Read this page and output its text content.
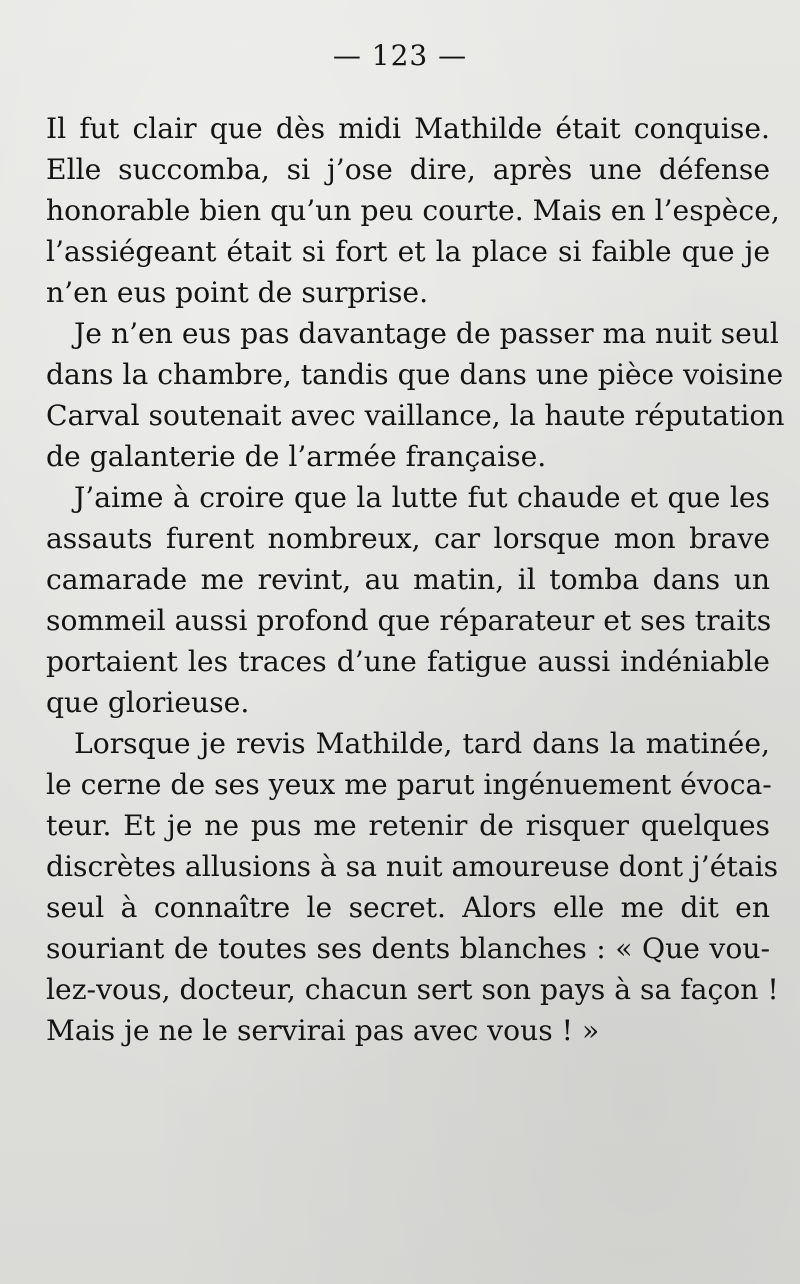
— 123 —
Il fut clair que dès midi Mathilde était conquise.
Elle succomba, si j’ose dire, après une défense
honorable bien qu’un peu courte. Mais en l’espèce,
l’assiégeant était si fort et la place si faible que je
n’en eus point de surprise.
Je n’en eus pas davantage de passer ma nuit seul
dans la chambre, tandis que dans une pièce voisine
Carval soutenait avec vaillance, la haute réputation
de galanterie de l’armée française.
J’aime à croire que la lutte fut chaude et que les
assauts furent nombreux, car lorsque mon brave
camarade me revint, au matin, il tomba dans un
sommeil aussi profond que réparateur et ses traits
portaient les traces d’une fatigue aussi indéniable
que glorieuse.
Lorsque je revis Mathilde, tard dans la matinée,
le cerne de ses yeux me parut ingénuement évoca-
teur. Et je ne pus me retenir de risquer quelques
discrètes allusions à sa nuit amoureuse dont j’étais
seul à connaître le secret. Alors elle me dit en
souriant de toutes ses dents blanches : « Que vou-
lez-vous, docteur, chacun sert son pays à sa façon !
Mais je ne le servirai pas avec vous ! »
